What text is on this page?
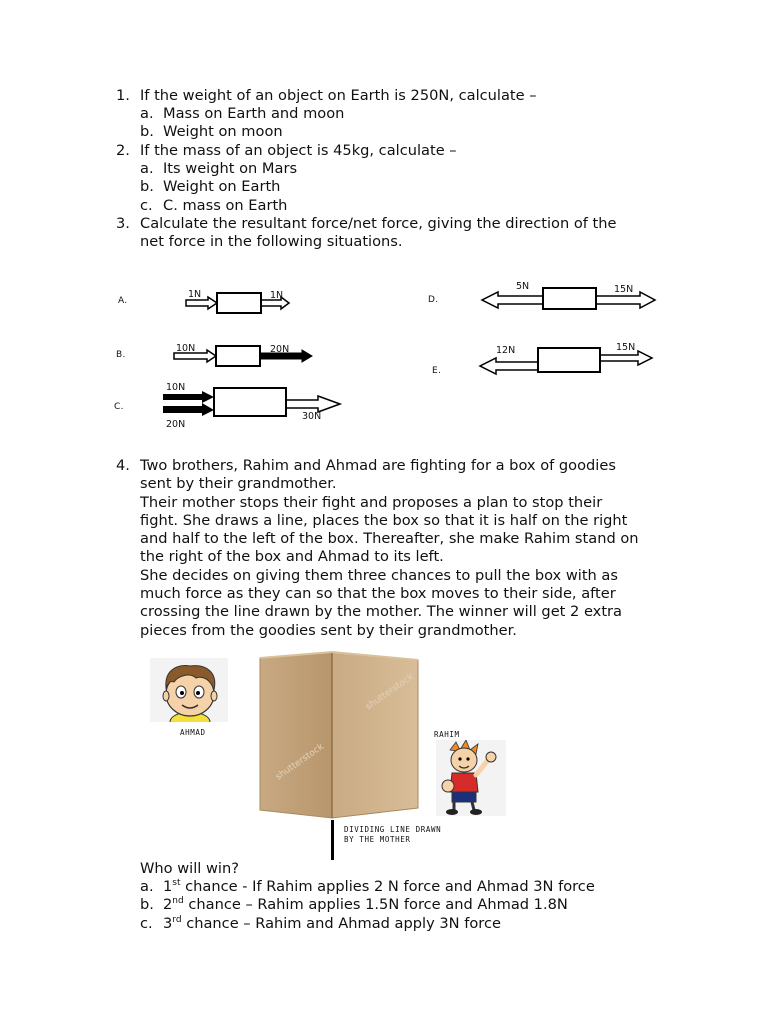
1. If the weight of an object on Earth is 250N, calculate –
a. Mass on Earth and moon
b. Weight on moon
2. If the mass of an object is 45kg, calculate –
a. Its weight on Mars
b. Weight on Earth
c. C. mass on Earth
3. Calculate the resultant force/net force, giving the direction of the
net force in the following situations.
A.
1N	1N
B.
10N	20N
C.
10N
20N
30N
D.
5N	15N
E.
12N	15N
4. Two brothers, Rahim and Ahmad are fighting for a box of goodies
sent by their grandmother.
Their mother stops their fight and proposes a plan to stop their
fight. She draws a line, places the box so that it is half on the right
and half to the left of the box. Thereafter, she make Rahim stand on
the right of the box and Ahmad to its left.
She decides on giving them three chances to pull the box with as
much force as they can so that the box moves to their side, after
crossing the line drawn by the mother. The winner will get 2 extra
pieces from the goodies sent by their grandmother.
AHMAD
shutterstock
shutterstock
RAHIM
DIVIDING LINE DRAWN
BY THE MOTHER
Who will win?
a. 1st chance - If Rahim applies 2 N force and Ahmad 3N force
b. 2nd chance – Rahim applies 1.5N force and Ahmad 1.8N
c. 3rd chance – Rahim and Ahmad apply 3N force
